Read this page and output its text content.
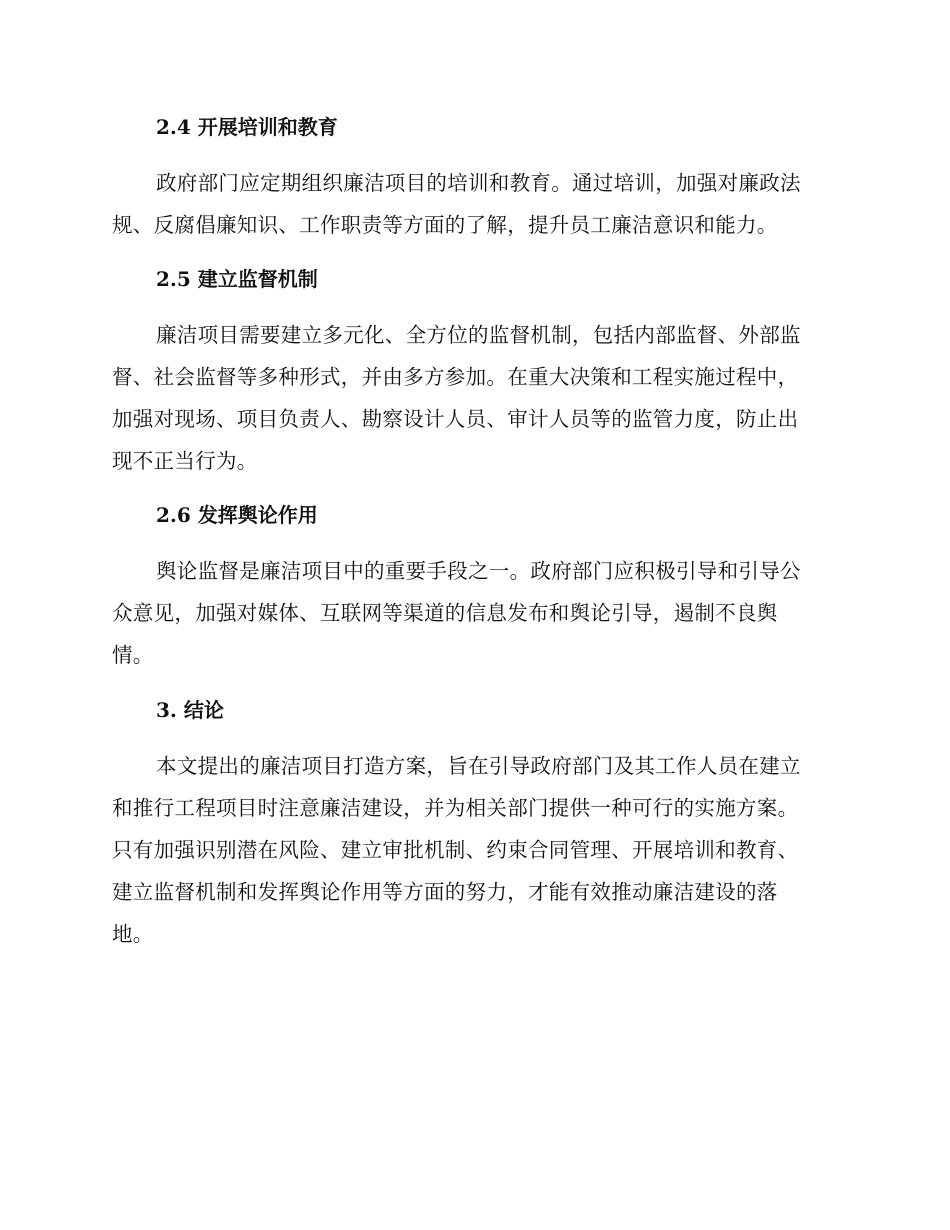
2.4 开展培训和教育
政府部门应定期组织廉洁项目的培训和教育。通过培训，加强对廉政法
规、反腐倡廉知识、工作职责等方面的了解，提升员工廉洁意识和能力。
2.5 建立监督机制
廉洁项目需要建立多元化、全方位的监督机制，包括内部监督、外部监
督、社会监督等多种形式，并由多方参加。在重大决策和工程实施过程中，
加强对现场、项目负责人、勘察设计人员、审计人员等的监管力度，防止出
现不正当行为。
2.6 发挥舆论作用
舆论监督是廉洁项目中的重要手段之一。政府部门应积极引导和引导公
众意见，加强对媒体、互联网等渠道的信息发布和舆论引导，遏制不良舆
情。
3. 结论
本文提出的廉洁项目打造方案，旨在引导政府部门及其工作人员在建立
和推行工程项目时注意廉洁建设，并为相关部门提供一种可行的实施方案。
只有加强识别潜在风险、建立审批机制、约束合同管理、开展培训和教育、
建立监督机制和发挥舆论作用等方面的努力，才能有效推动廉洁建设的落
地。
